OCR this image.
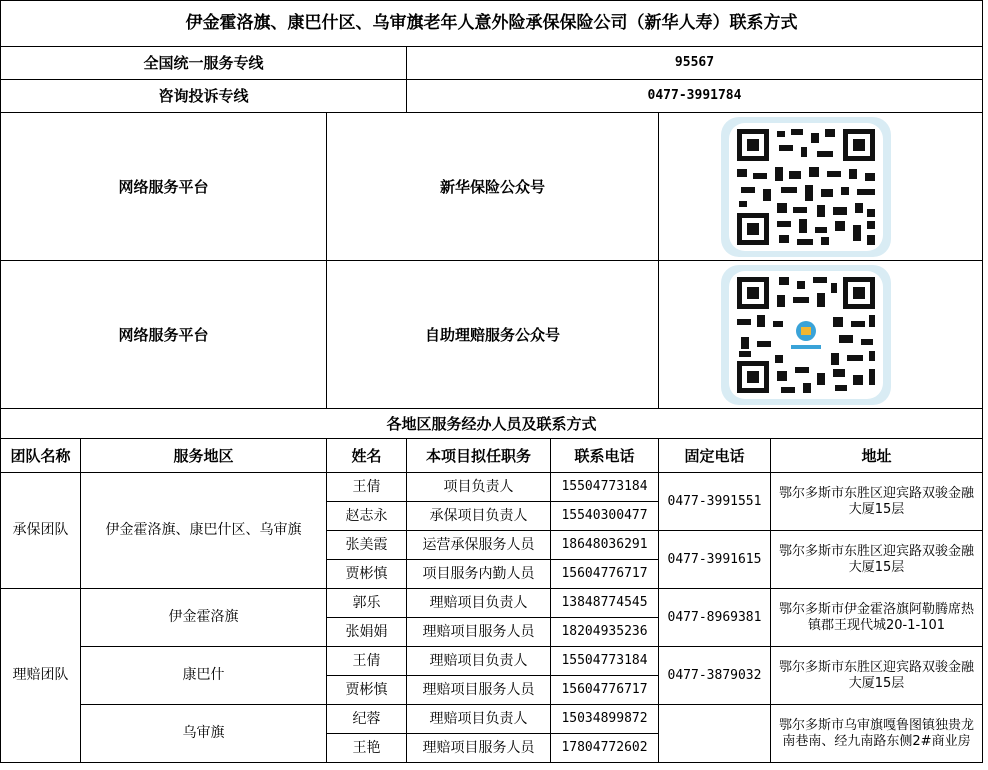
伊金霍洛旗、康巴什区、乌审旗老年人意外险承保保险公司（新华人寿）联系方式						
全国统一服务专线			95567			
咨询投诉专线			0477-3991784			
网络服务平台		新华保险公众号	

网络服务平台		自助理赔服务公众号	

各地区服务经办人员及联系方式						
团队名称	服务地区	姓名	本项目拟任职务	联系电话	固定电话	地址
承保团队	伊金霍洛旗、康巴什区、乌审旗	王倩	项目负责人	15504773184	0477-3991551	鄂尔多斯市东胜区迎宾路双骏金融大厦15层
		赵志永	承保项目负责人	15540300477		
		张美霞	运营承保服务人员	18648036291	0477-3991615	鄂尔多斯市东胜区迎宾路双骏金融大厦15层
		贾彬慎	项目服务内勤人员	15604776717		
理赔团队	伊金霍洛旗	郭乐	理赔项目负责人	13848774545	0477-8969381	鄂尔多斯市伊金霍洛旗阿勒腾席热镇郡王现代城20-1-101
		张娟娟	理赔项目服务人员	18204935236		
	康巴什	王倩	理赔项目负责人	15504773184	0477-3879032	鄂尔多斯市东胜区迎宾路双骏金融大厦15层
		贾彬慎	理赔项目服务人员	15604776717		
	乌审旗	纪蓉	理赔项目负责人	15034899872		鄂尔多斯市乌审旗嘎鲁图镇独贵龙南巷南、经九南路东侧2#商业房
		王艳	理赔项目服务人员	17804772602		
